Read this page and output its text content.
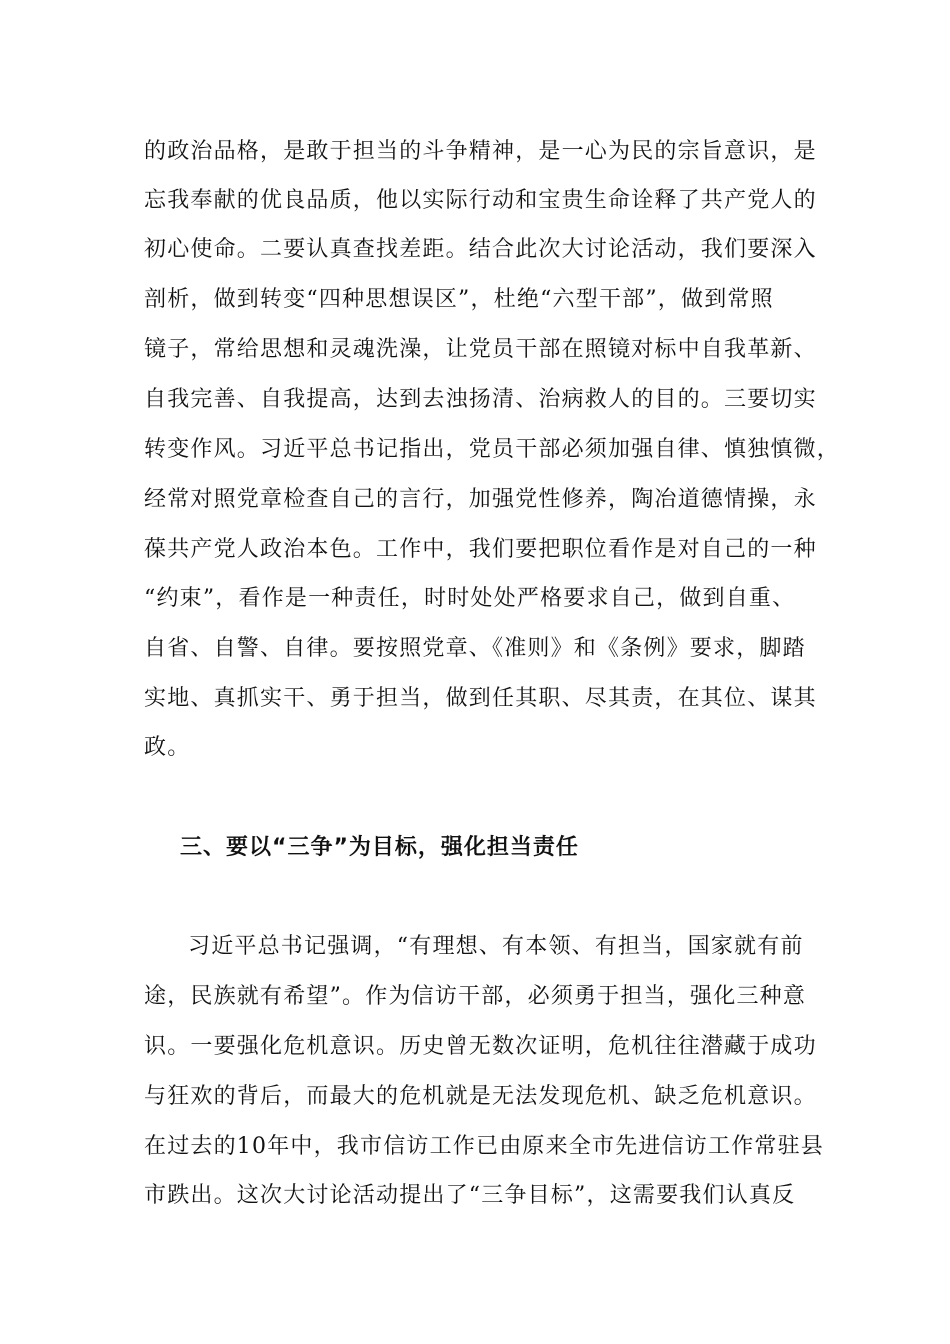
的政治品格，是敢于担当的斗争精神，是一心为民的宗旨意识，是
忘我奉献的优良品质，他以实际行动和宝贵生命诠释了共产党人的
初心使命。二要认真查找差距。结合此次大讨论活动，我们要深入
剖析，做到转变“四种思想误区”，杜绝“六型干部”，做到常照
镜子，常给思想和灵魂洗澡，让党员干部在照镜对标中自我革新、
自我完善、自我提高，达到去浊扬清、治病救人的目的。三要切实
转变作风。习近平总书记指出，党员干部必须加强自律、慎独慎微，
经常对照党章检查自己的言行，加强党性修养，陶冶道德情操，永
葆共产党人政治本色。工作中，我们要把职位看作是对自己的一种
“约束”，看作是一种责任，时时处处严格要求自己，做到自重、
自省、自警、自律。要按照党章、《准则》和《条例》要求，脚踏
实地、真抓实干、勇于担当，做到任其职、尽其责，在其位、谋其
政。
三、要以“三争”为目标，强化担当责任
习近平总书记强调，“有理想、有本领、有担当，国家就有前
途，民族就有希望”。作为信访干部，必须勇于担当，强化三种意
识。一要强化危机意识。历史曾无数次证明，危机往往潜藏于成功
与狂欢的背后，而最大的危机就是无法发现危机、缺乏危机意识。
在过去的10年中，我市信访工作已由原来全市先进信访工作常驻县
市跌出。这次大讨论活动提出了“三争目标”，这需要我们认真反
